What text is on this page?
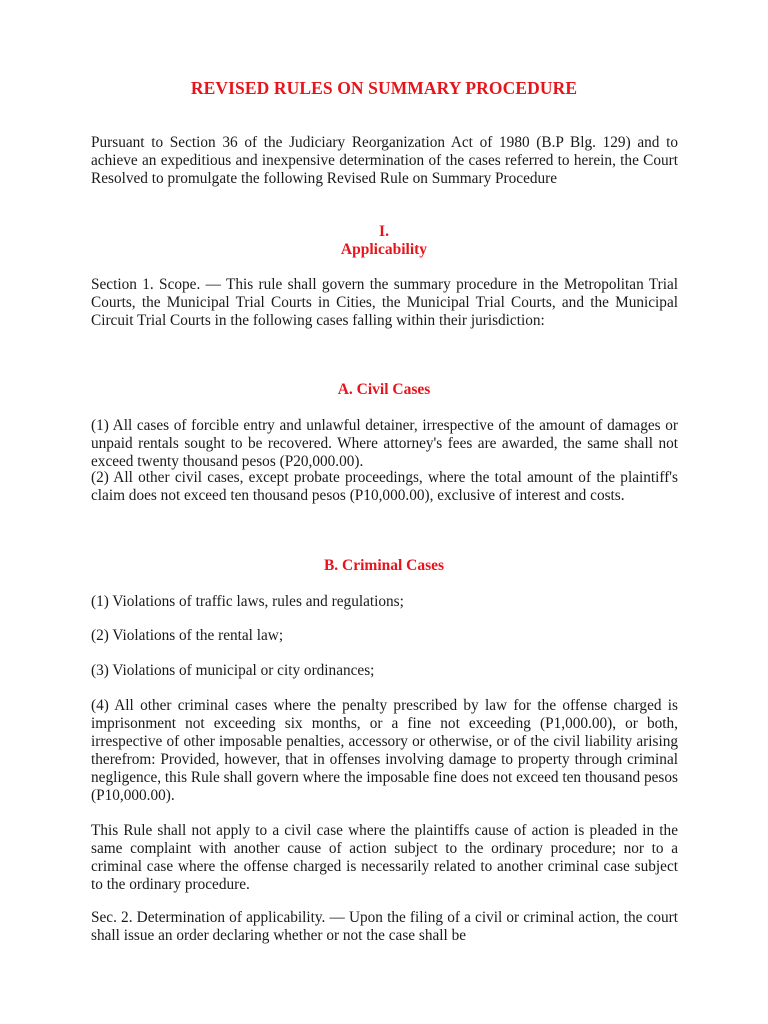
REVISED RULES ON SUMMARY PROCEDURE

Pursuant to Section 36 of the Judiciary Reorganization Act of 1980 (B.P Blg. 129) and to achieve an expeditious and inexpensive determination of the cases referred to herein, the Court Resolved to promulgate the following Revised Rule on Summary Procedure

I.
Applicability

Section 1. Scope. — This rule shall govern the summary procedure in the Metropolitan Trial Courts, the Municipal Trial Courts in Cities, the Municipal Trial Courts, and the Municipal Circuit Trial Courts in the following cases falling within their jurisdiction:

A. Civil Cases

(1) All cases of forcible entry and unlawful detainer, irrespective of the amount of damages or unpaid rentals sought to be recovered. Where attorney's fees are awarded, the same shall not exceed twenty thousand pesos (P20,000.00).

(2) All other civil cases, except probate proceedings, where the total amount of the plaintiff's claim does not exceed ten thousand pesos (P10,000.00), exclusive of interest and costs.

B. Criminal Cases

(1) Violations of traffic laws, rules and regulations;

(2) Violations of the rental law;

(3) Violations of municipal or city ordinances;

(4) All other criminal cases where the penalty prescribed by law for the offense charged is imprisonment not exceeding six months, or a fine not exceeding (P1,000.00), or both, irrespective of other imposable penalties, accessory or otherwise, or of the civil liability arising therefrom: Provided, however, that in offenses involving damage to property through criminal negligence, this Rule shall govern where the imposable fine does not exceed ten thousand pesos (P10,000.00).

This Rule shall not apply to a civil case where the plaintiffs cause of action is pleaded in the same complaint with another cause of action subject to the ordinary procedure; nor to a criminal case where the offense charged is necessarily related to another criminal case subject to the ordinary procedure.

Sec. 2. Determination of applicability. — Upon the filing of a civil or criminal action, the court shall issue an order declaring whether or not the case shall be
